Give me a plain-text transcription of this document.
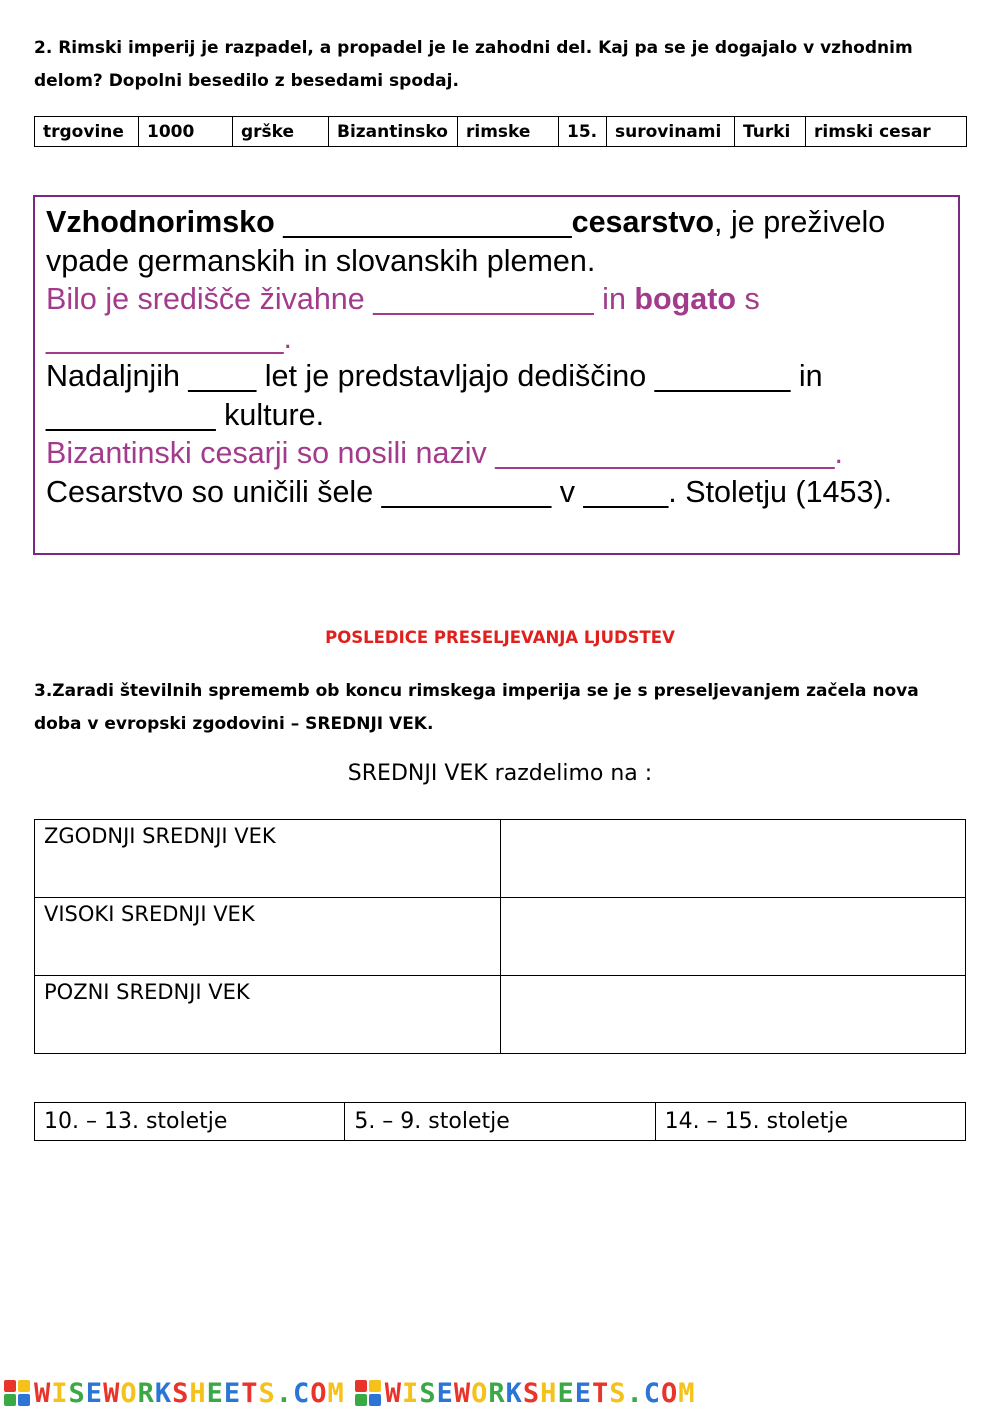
2. Rimski imperij je razpadel, a propadel je le zahodni del. Kaj pa se je dogajalo v vzhodnim delom? Dopolni besedilo z besedami spodaj.
trgovine	1000	grške	Bizantinsko	rimske	15.	surovinami	Turki	rimski cesar

Vzhodnorimsko _________________cesarstvo, je preživelo vpade germanskih in slovanskih plemen.

Bilo je središče živahne _____________ in bogato s ______________.

Nadaljnjih ____ let je predstavljajo dediščino ________ in __________ kulture.

Bizantinski cesarji so nosili naziv ____________________.

Cesarstvo so uničili šele __________ v _____. Stoletju (1453).

POSLEDICE PRESELJEVANJA LJUDSTEV
3.Zaradi številnih sprememb ob koncu rimskega imperija se je s preseljevanjem začela nova doba v evropski zgodovini – SREDNJI VEK.
SREDNJI VEK razdelimo na :
ZGODNJI SREDNJI VEK	
VISOKI SREDNJI VEK	
POZNI SREDNJI VEK	
10. – 13. stoletje	5. – 9. stoletje	14. – 15. stoletje
WISEWORKSHEETS.COM WISEWORKSHEETS.COM
